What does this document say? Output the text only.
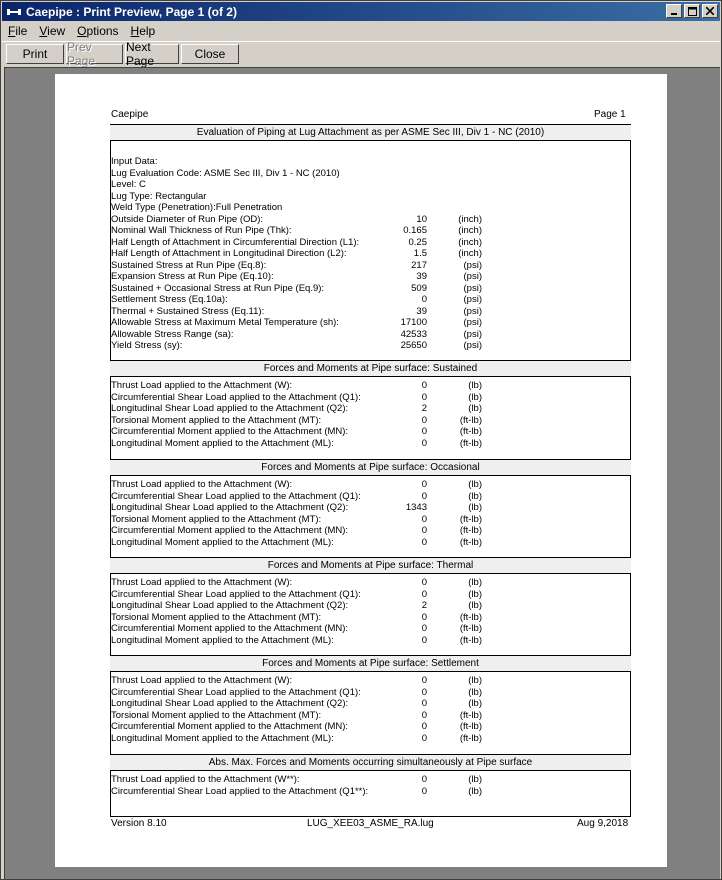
Caepipe : Print Preview, Page 1 (of 2)
File	View	Options	Help
Print	Prev Page
Next Page	Close
Caepipe	Page 1
Evaluation of Piping at Lug Attachment as per ASME Sec III, Div 1 - NC (2010)
Input Data:
Lug Evaluation Code: ASME Sec III, Div 1 - NC (2010)
Level: C
Lug Type: Rectangular
Weld Type (Penetration):Full Penetration
Outside Diameter of Run Pipe (OD):	10	(inch)
Nominal Wall Thickness of Run Pipe (Thk):	0.165	(inch)
Half Length of Attachment in Circumferential Direction (L1):	0.25	(inch)
Half Length of Attachment in Longitudinal Direction (L2):	1.5	(inch)
Sustained Stress at Run Pipe (Eq.8):	217	(psi)
Expansion Stress at Run Pipe (Eq.10):	39	(psi)
Sustained + Occasional Stress at Run Pipe (Eq.9):	509	(psi)
Settlement Stress (Eq.10a):	0	(psi)
Thermal + Sustained Stress (Eq.11):	39	(psi)
Allowable Stress at Maximum Metal Temperature (sh):	17100	(psi)
Allowable Stress Range (sa):	42533	(psi)
Yield Stress (sy):	25650	(psi)
Forces and Moments at Pipe surface: Sustained
Thrust Load applied to the Attachment (W):	0	(lb)
Circumferential Shear Load applied to the Attachment (Q1):	0	(lb)
Longitudinal Shear Load applied to the Attachment (Q2):	2	(lb)
Torsional Moment applied to the Attachment (MT):	0	(ft-lb)
Circumferential Moment applied to the Attachment (MN):	0	(ft-lb)
Longitudinal Moment applied to the Attachment (ML):	0	(ft-lb)
Forces and Moments at Pipe surface: Occasional
Thrust Load applied to the Attachment (W):	0	(lb)
Circumferential Shear Load applied to the Attachment (Q1):	0	(lb)
Longitudinal Shear Load applied to the Attachment (Q2):	1343	(lb)
Torsional Moment applied to the Attachment (MT):	0	(ft-lb)
Circumferential Moment applied to the Attachment (MN):	0	(ft-lb)
Longitudinal Moment applied to the Attachment (ML):	0	(ft-lb)
Forces and Moments at Pipe surface: Thermal
Thrust Load applied to the Attachment (W):	0	(lb)
Circumferential Shear Load applied to the Attachment (Q1):	0	(lb)
Longitudinal Shear Load applied to the Attachment (Q2):	2	(lb)
Torsional Moment applied to the Attachment (MT):	0	(ft-lb)
Circumferential Moment applied to the Attachment (MN):	0	(ft-lb)
Longitudinal Moment applied to the Attachment (ML):	0	(ft-lb)
Forces and Moments at Pipe surface: Settlement
Thrust Load applied to the Attachment (W):	0	(lb)
Circumferential Shear Load applied to the Attachment (Q1):	0	(lb)
Longitudinal Shear Load applied to the Attachment (Q2):	0	(lb)
Torsional Moment applied to the Attachment (MT):	0	(ft-lb)
Circumferential Moment applied to the Attachment (MN):	0	(ft-lb)
Longitudinal Moment applied to the Attachment (ML):	0	(ft-lb)
Abs. Max. Forces and Moments occurring simultaneously at Pipe surface
Thrust Load applied to the Attachment (W**):	0	(lb)
Circumferential Shear Load applied to the Attachment (Q1**):	0	(lb)
Version 8.10	LUG_XEE03_ASME_RA.lug	Aug 9,2018
